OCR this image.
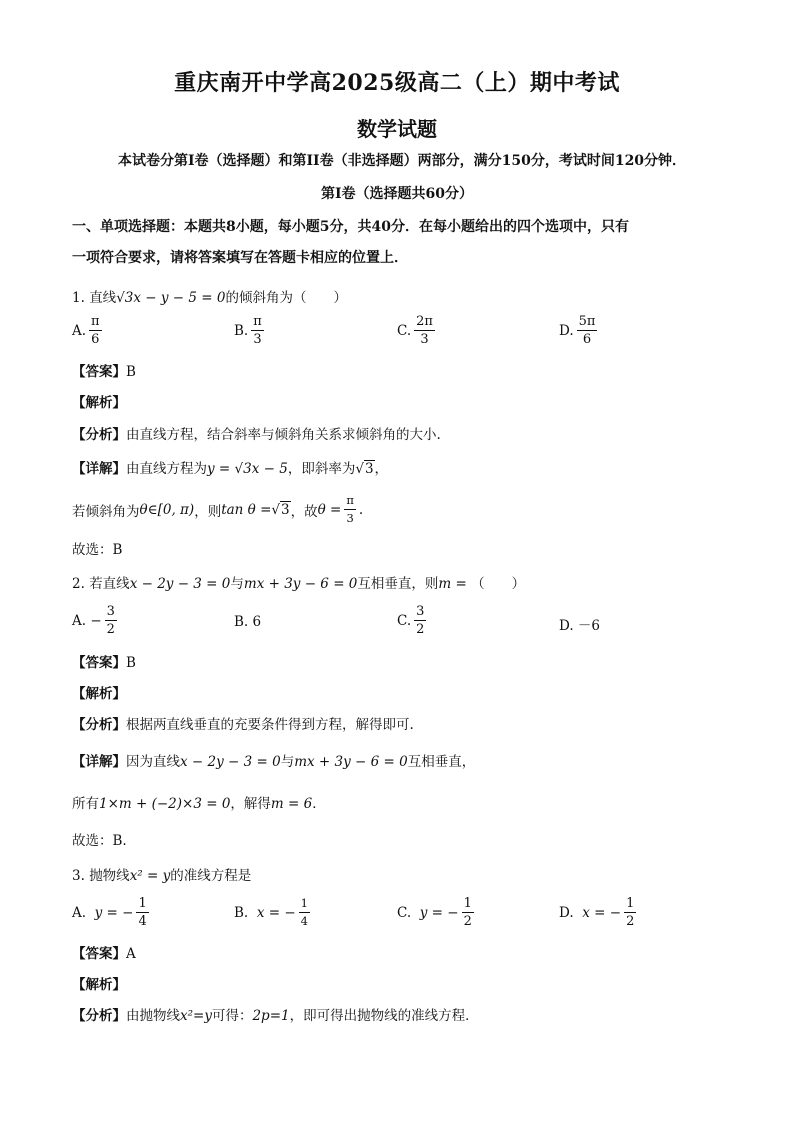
重庆南开中学高2025级高二（上）期中考试
数学试题
本试卷分第I卷（选择题）和第II卷（非选择题）两部分，满分150分，考试时间120分钟．
第I卷（选择题共60分）
一、单项选择题：本题共8小题，每小题5分，共40分．在每小题给出的四个选项中，只有
一项符合要求，请将答案填写在答题卡相应的位置上．
1. 直线√3x − y − 5 = 0的倾斜角为（　　）
A. $\frac{\pi}{6}$	B. $\frac{\pi}{3}$	C. $\frac{2\pi}{3}$	D. $\frac{5\pi}{6}$
【答案】B
【解析】
【分析】由直线方程，结合斜率与倾斜角关系求倾斜角的大小.
【详解】由直线方程为y = √3x − 5，即斜率为√3，
若倾斜角为 θ∈[0, π) ，则 tan θ = √3 ，故 $\theta = \frac{\pi}{3}$ .
故选：B
2. 若直线x − 2y − 3 = 0与mx + 3y − 6 = 0互相垂直，则m = （　　）
A.
− $\frac{3}{2}$	B. 6	C. $\frac{3}{2}$	D. －6
【答案】B
【解析】
【分析】根据两直线垂直的充要条件得到方程，解得即可.
【详解】因为直线x − 2y − 3 = 0与mx + 3y − 6 = 0互相垂直，
所有1×m + (−2)×3 = 0，解得m = 6．
故选：B.
3. 抛物线x² = y的准线方程是
A.
y = − $\frac{1}{4}$	B.
x = − $\frac{1}{4}$	C.
y = − $\frac{1}{2}$	D.
x = − $\frac{1}{2}$
【答案】A
【解析】
【分析】由抛物线x²=y可得：2p=1，即可得出抛物线的准线方程．
